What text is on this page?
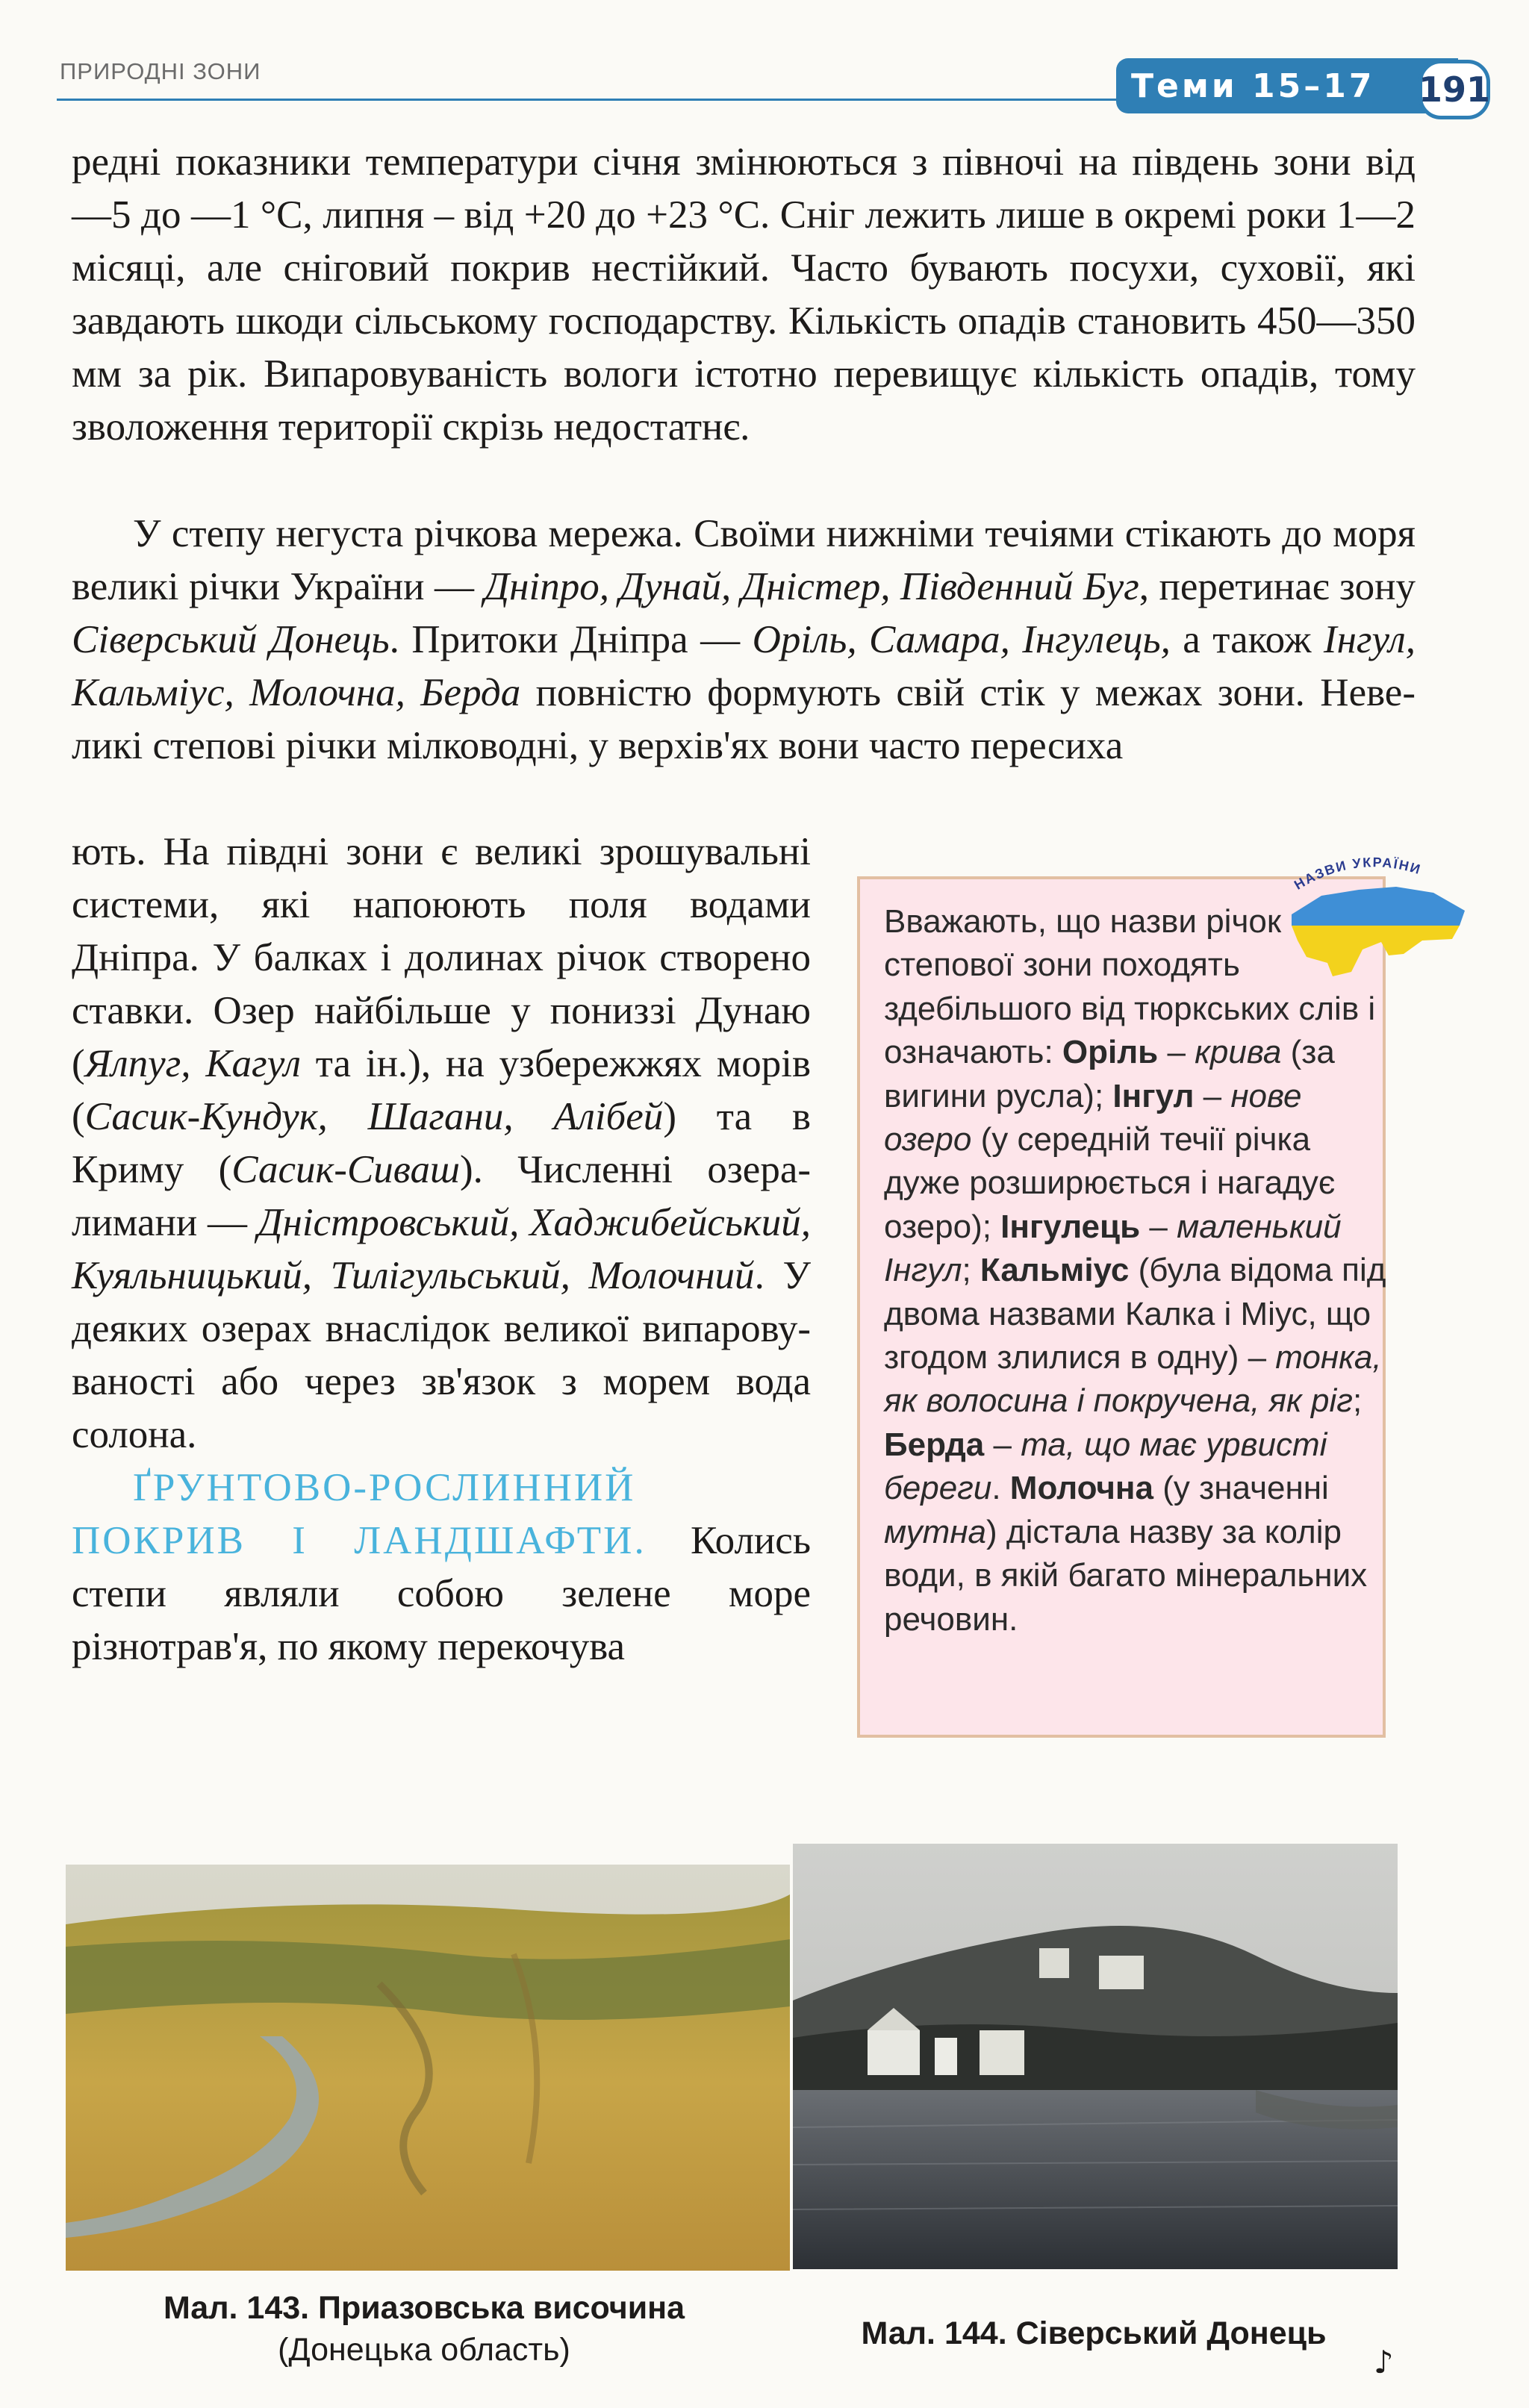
ПРИРОДНІ ЗОНИ	Теми 15–17 191

редні показники температури січня змінюються з півночі на південь зони від —5 до —1 °С, липня – від +20 до +23 °С. Сніг лежить лише в окремі роки 1—2 місяці, але сніговий покрив нестійкий. Часто бувають посухи, суховії, які завдають шкоди сільському господарству. Кількість опадів становить 450—350 мм за рік. Випаровуваність вологи істотно перевищує кількість опадів, тому зволоження території скрізь недостатнє.

У степу негуста річкова мережа. Своїми нижніми течіями стікають до моря великі річки України — Дніпро, Дунай, Дністер, Південний Буг, перетинає зону Сіверський Донець. Притоки Дніпра — Оріль, Самара, Інгулець, а також Інгул, Кальміус, Молочна, Берда повністю формують свій стік у межах зони. Невеликі степові річки мілководні, у верхів'ях вони часто пересиха

ють. На півдні зони є великі зрошувальні системи, які напоюють поля водами Дніпра. У балках і долинах річок створено ставки. Озер найбільше у пониззі Дунаю (Ялпуг, Кагул та ін.), на узбережжях морів (Сасик-Кундук, Шагани, Алібей) та в Криму (Сасик-Сиваш). Численні озера-лимани — Дністровський, Хаджибейський, Куяльницький, Тилігульський, Молочний. У деяких озерах внаслідок великої випаровуваності або через зв'язок з морем вода солона.

ҐРУНТОВО-РОСЛИННИЙ ПОКРИВ І ЛАНДШАФТИ. Колись степи являли собою зелене море різнотрав'я, по якому перекочува

НАЗВИ УКРАЇНИ

Вважають, що назви річок степової зони походять здебільшого від тюркських слів і означають: Оріль – крива (за вигини русла); Інгул – нове озеро (у середній течії річка дуже розширюється і нагадує озеро); Інгулець – маленький Інгул; Кальміус (була відома під двома назвами Калка і Міус, що згодом злилися в одну) – тонка, як волосина і покручена, як ріг; Берда – та, що має урвисті береги. Молочна (у значенні мутна) дістала назву за колір води, в якій багато мінеральних речовин.

Мал. 143. Приазовська височина
(Донецька область)	Мал. 144. Сіверський Донець
♪
